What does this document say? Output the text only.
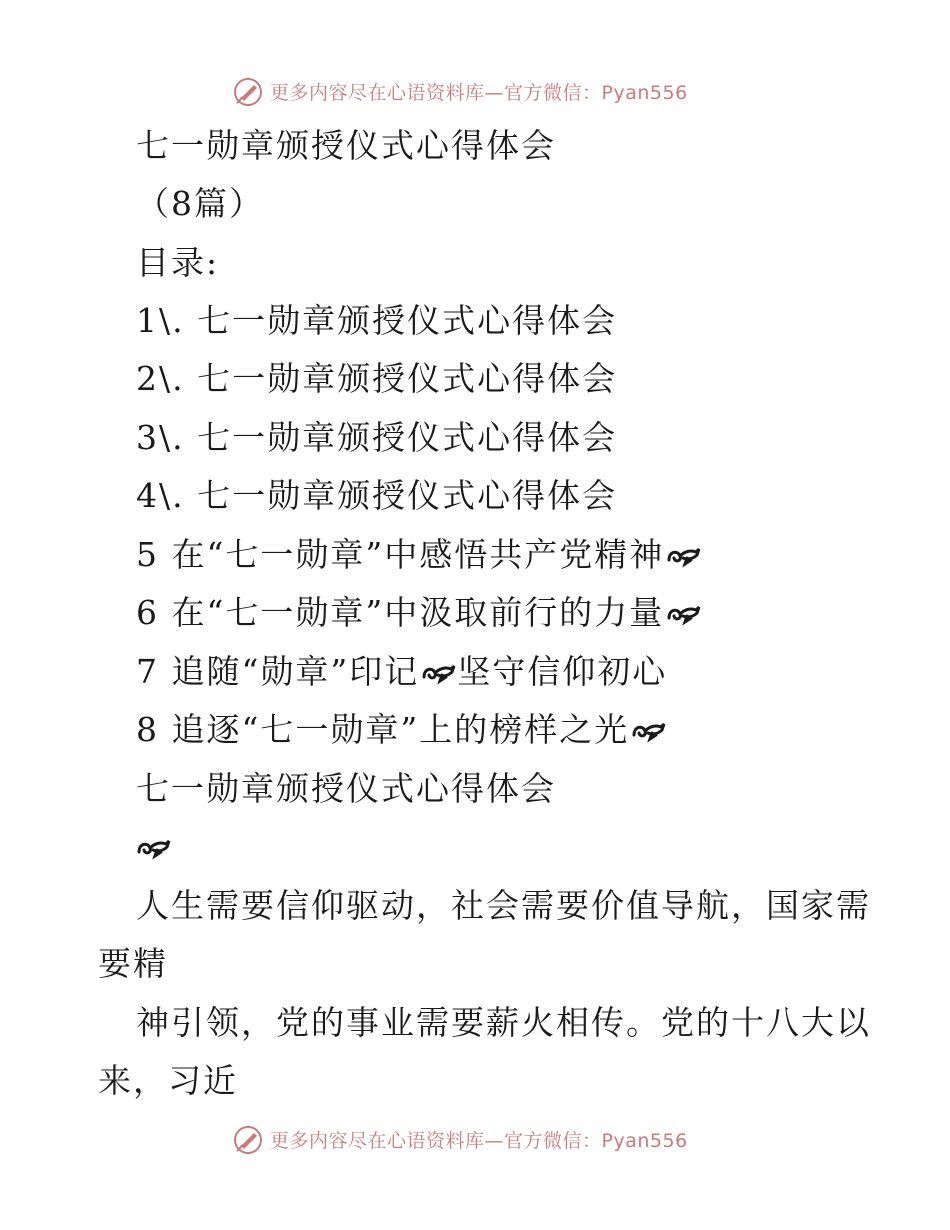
更多内容尽在心语资料库—官方微信：Pyan556
七一勋章颁授仪式心得体会
（8篇）
目录:
1\. 七一勋章颁授仪式心得体会
2\. 七一勋章颁授仪式心得体会
3\. 七一勋章颁授仪式心得体会
4\. 七一勋章颁授仪式心得体会
5 在“七一勋章”中感悟共产党精神
6 在“七一勋章”中汲取前行的力量
7 追随“勋章”印记 坚守信仰初心
8 追逐“七一勋章”上的榜样之光
七一勋章颁授仪式心得体会
人生需要信仰驱动，社会需要价值导航，国家需
要精
神引领，党的事业需要薪火相传。党的十八大以
来，习近
更多内容尽在心语资料库—官方微信：Pyan556
